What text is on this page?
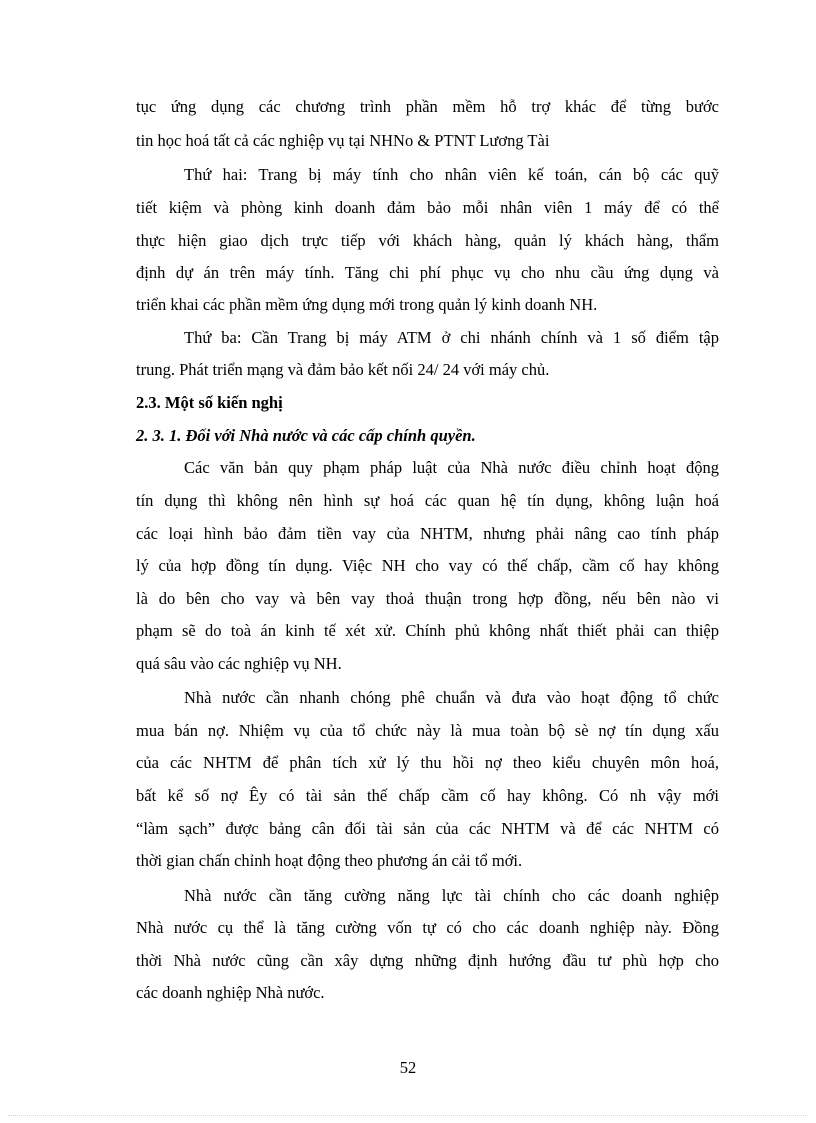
tục ứng dụng các chương trình phần mềm hỗ trợ khác để từng bước
tin học hoá tất cả các nghiệp vụ tại NHNo & PTNT Lương Tài
Thứ hai: Trang bị máy tính cho nhân viên kế toán, cán bộ các quỹ
tiết kiệm và phòng kinh doanh đảm bảo mỗi nhân viên 1 máy để có thể
thực hiện giao dịch trực tiếp với khách hàng, quản lý khách hàng, thẩm
định dự án trên máy tính. Tăng chi phí phục vụ cho nhu cầu ứng dụng và
triển khai các phần mềm ứng dụng mới trong quản lý kinh doanh NH.
Thứ ba: Cần Trang bị máy ATM ở chi nhánh chính và 1 số điểm tập
trung. Phát triển mạng và đảm bảo kết nối 24/ 24 với máy chủ.
2.3. Một số kiến nghị
2. 3. 1. Đối với Nhà nước và các cấp chính quyền.
Các văn bản quy phạm pháp luật của Nhà nước điều chỉnh hoạt động
tín dụng thì không nên hình sự hoá các quan hệ tín dụng, không luận hoá
các loại hình bảo đảm tiền vay của NHTM, nhưng phải nâng cao tính pháp
lý của hợp đồng tín dụng. Việc NH cho vay có thế chấp, cầm cố hay không
là do bên cho vay và bên vay thoả thuận trong hợp đồng, nếu bên nào vi
phạm sẽ do toà án kinh tế xét xử. Chính phủ không nhất thiết phải can thiệp
quá sâu vào các nghiệp vụ NH.
Nhà nước cần nhanh chóng phê chuẩn và đưa vào hoạt động tổ chức
mua bán nợ. Nhiệm vụ của tổ chức này là mua toàn bộ sè nợ tín dụng xấu
của các NHTM để phân tích xử lý thu hồi nợ theo kiểu chuyên môn hoá,
bất kể số nợ Êy có tài sản thế chấp cầm cố hay không. Có nh vậy mới
“làm sạch” được bảng cân đối tài sản của các NHTM và để các NHTM có
thời gian chấn chỉnh hoạt động theo phương án cải tổ mới.
Nhà nước cần tăng cường năng lực tài chính cho các doanh nghiệp
Nhà nước cụ thể là tăng cường vốn tự có cho các doanh nghiệp này. Đồng
thời Nhà nước cũng cần xây dựng những định hướng đầu tư phù hợp cho
các doanh nghiệp Nhà nước.
52
